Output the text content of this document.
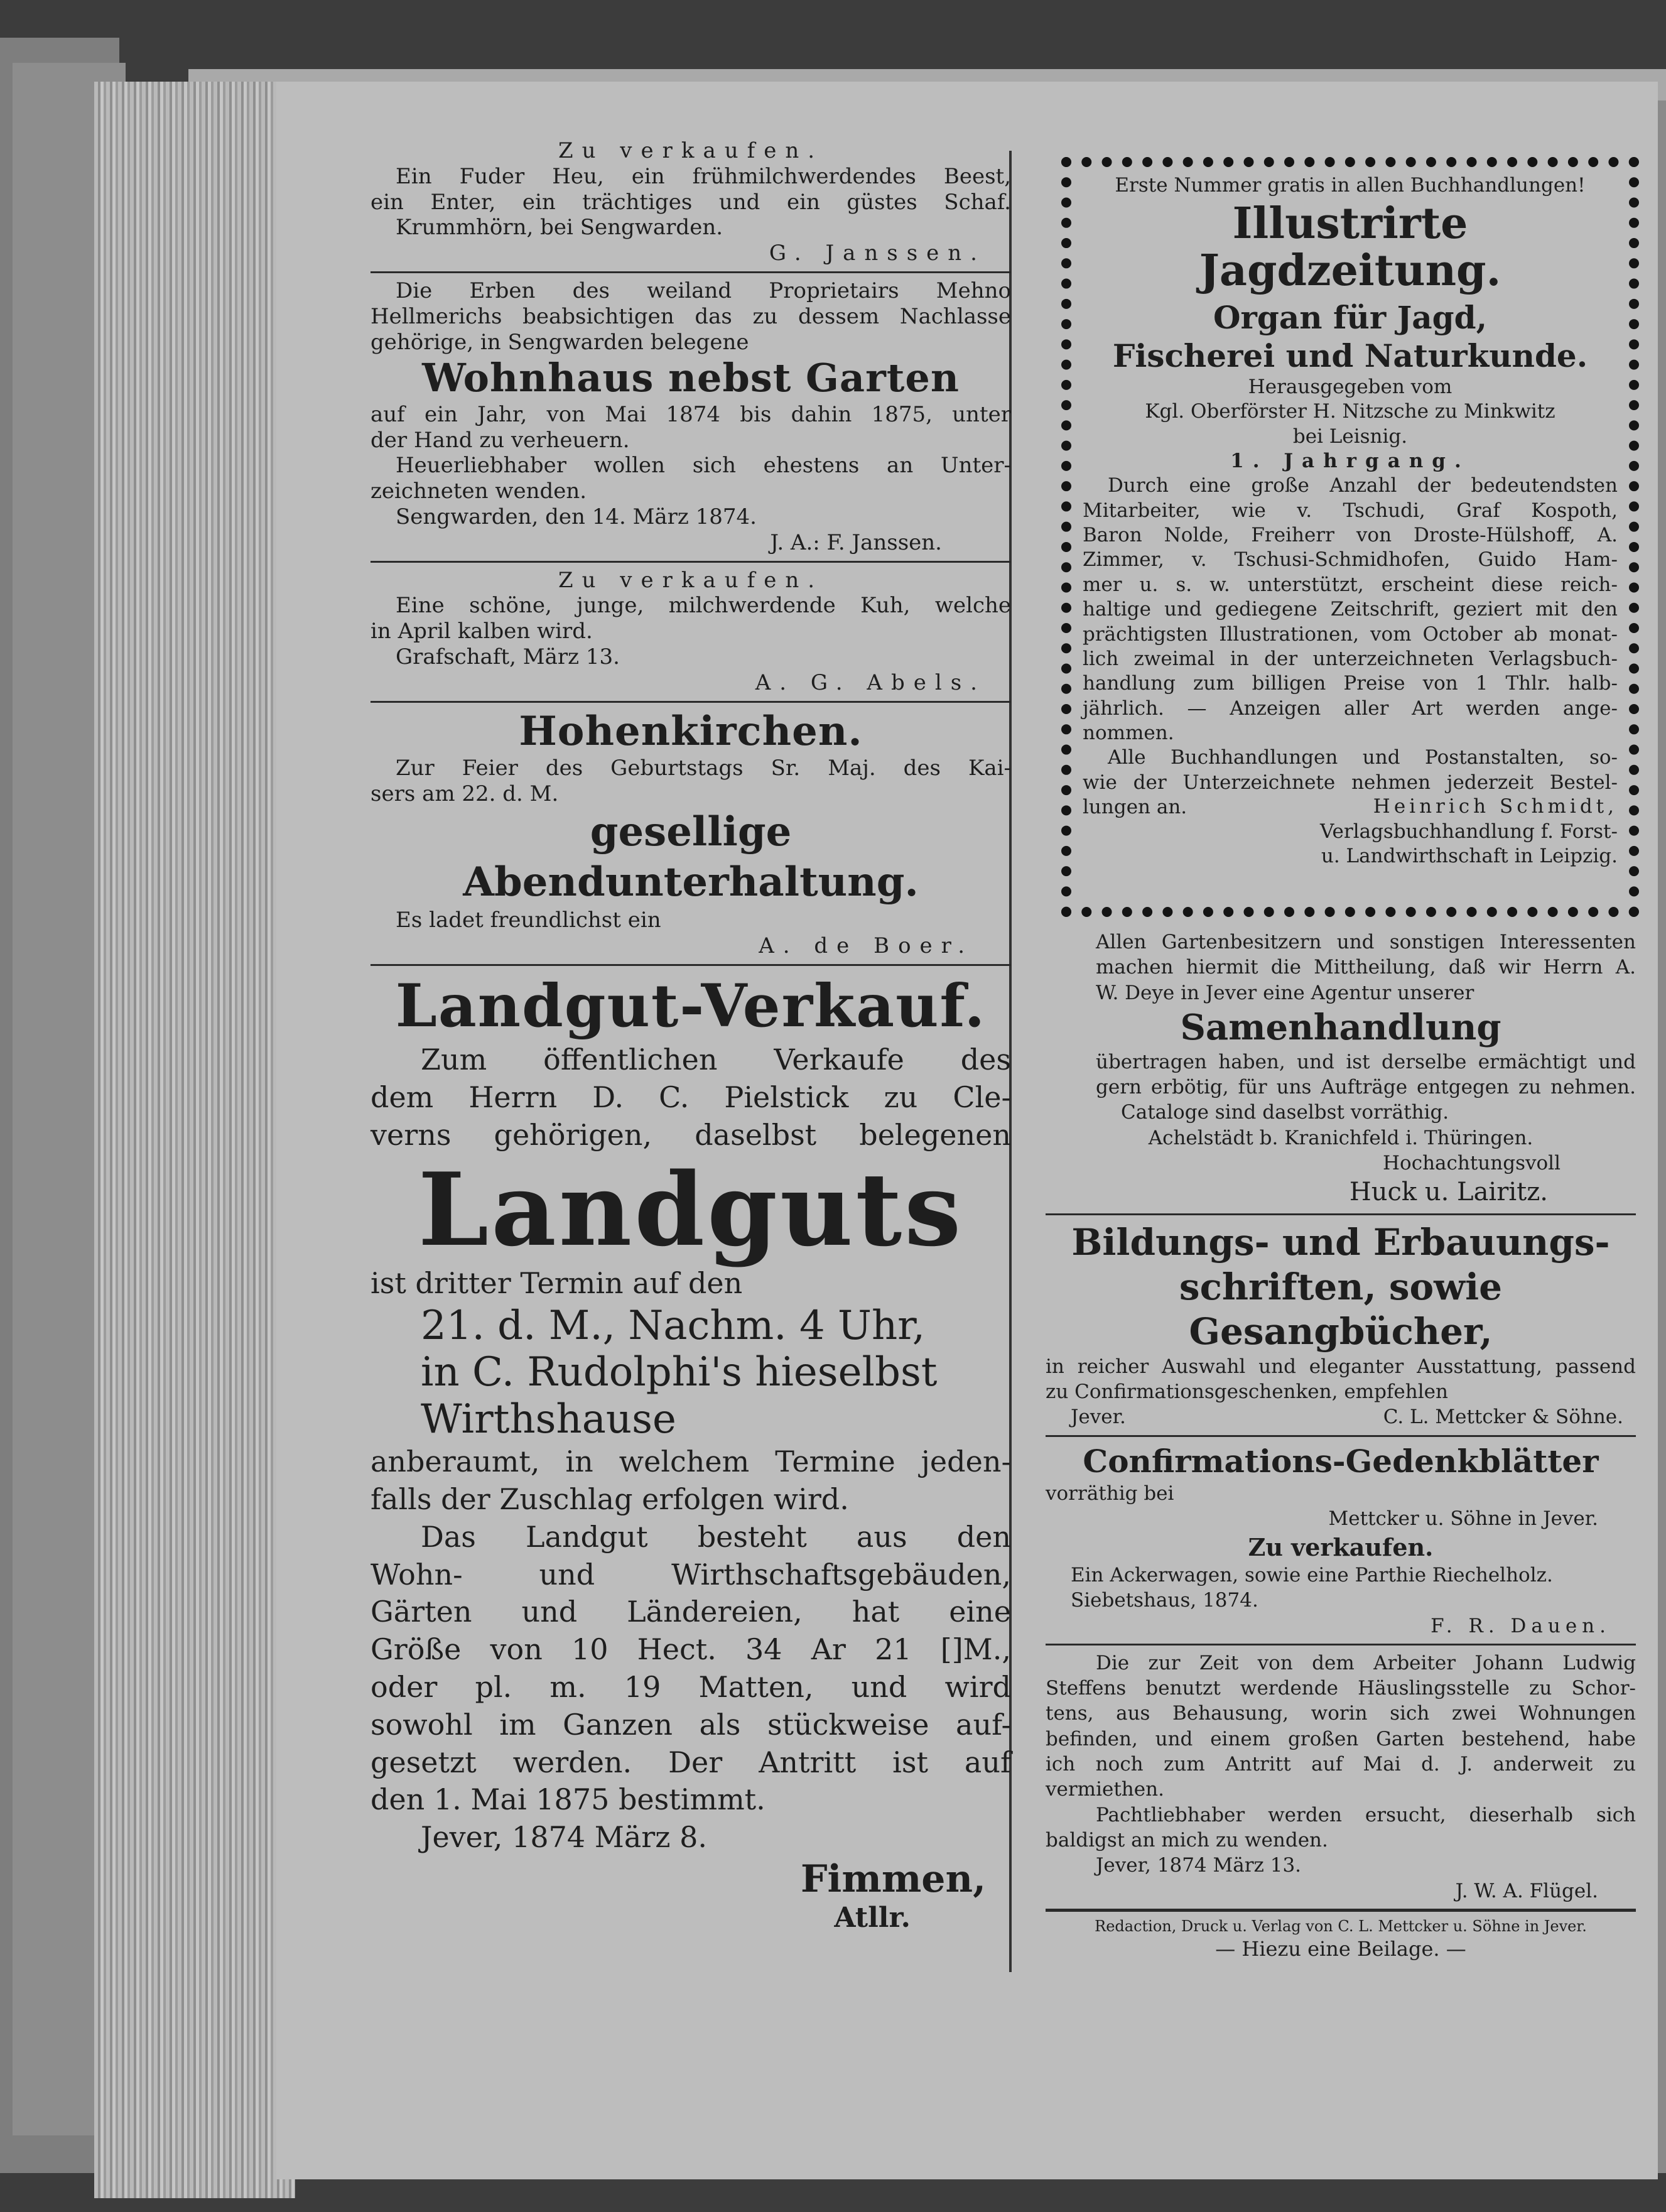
Zu verkaufen.

Ein Fuder Heu, ein frühmilchwerdendes Beest,

ein Enter, ein trächtiges und ein güstes Schaf.

Krummhörn, bei Sengwarden.

G. Janssen.

Die Erben des weiland Proprietairs Mehno

Hellmerichs beabsichtigen das zu dessem Nachlasse

gehörige, in Sengwarden belegene

Wohnhaus nebst Garten

auf ein Jahr, von Mai 1874 bis dahin 1875, unter

der Hand zu verheuern.

Heuerliebhaber wollen sich ehestens an Unter-

zeichneten wenden.

Sengwarden, den 14. März 1874.

J. A.: F. Janssen.

Zu verkaufen.

Eine schöne, junge, milchwerdende Kuh, welche

in April kalben wird.

Grafschaft, März 13.

A. G. Abels.

Hohenkirchen.

Zur Feier des Geburtstags Sr. Maj. des Kai-

sers am 22. d. M.

gesellige Abendunterhaltung.

Es ladet freundlichst ein

A. de Boer.

Landgut-Verkauf.

Zum öffentlichen Verkaufe des

dem Herrn D. C. Pielstick zu Cle-

verns gehörigen, daselbst belegenen

Landguts

ist dritter Termin auf den

21. d. M., Nachm. 4 Uhr,

in C. Rudolphi's hieselbst

Wirthshause

anberaumt, in welchem Termine jeden-

falls der Zuschlag erfolgen wird.

Das Landgut besteht aus den

Wohn- und Wirthschaftsgebäuden,

Gärten und Ländereien, hat eine

Größe von 10 Hect. 34 Ar 21 []M.,

oder pl. m. 19 Matten, und wird

sowohl im Ganzen als stückweise auf-

gesetzt werden. Der Antritt ist auf

den 1. Mai 1875 bestimmt.

Jever, 1874 März 8.

Fimmen,

Atllr.

Erste Nummer gratis in allen Buchhandlungen!

Illustrirte Jagdzeitung.

Organ für Jagd,

Fischerei und Naturkunde.

Herausgegeben vom

Kgl. Oberförster H. Nitzsche zu Minkwitz

bei Leisnig.

1. Jahrgang.

Durch eine große Anzahl der bedeutendsten

Mitarbeiter, wie v. Tschudi, Graf Kospoth,

Baron Nolde, Freiherr von Droste-Hülshoff, A.

Zimmer, v. Tschusi-Schmidhofen, Guido Ham-

mer u. s. w. unterstützt, erscheint diese reich-

haltige und gediegene Zeitschrift, geziert mit den

prächtigsten Illustrationen, vom October ab monat-

lich zweimal in der unterzeichneten Verlagsbuch-

handlung zum billigen Preise von 1 Thlr. halb-

jährlich. — Anzeigen aller Art werden ange-

nommen.

Alle Buchhandlungen und Postanstalten, so-

wie der Unterzeichnete nehmen jederzeit Bestel-

lungen an.	Heinrich Schmidt,

Verlagsbuchhandlung f. Forst-

u. Landwirthschaft in Leipzig.

Allen Gartenbesitzern und sonstigen Interessenten

machen hiermit die Mittheilung, daß wir Herrn A.

W. Deye in Jever eine Agentur unserer

Samenhandlung

übertragen haben, und ist derselbe ermächtigt und

gern erbötig, für uns Aufträge entgegen zu nehmen.

Cataloge sind daselbst vorräthig.

Achelstädt b. Kranichfeld i. Thüringen.

Hochachtungsvoll

Huck u. Lairitz.

Bildungs- und Erbauungs-

schriften, sowie Gesangbücher,

in reicher Auswahl und eleganter Ausstattung, passend

zu Confirmationsgeschenken, empfehlen

Jever.	C. L. Mettcker & Söhne.

Confirmations-Gedenkblätter

vorräthig bei

Mettcker u. Söhne in Jever.

Zu verkaufen.

Ein Ackerwagen, sowie eine Parthie Riechelholz.

Siebetshaus, 1874.

F. R. Dauen.

Die zur Zeit von dem Arbeiter Johann Ludwig

Steffens benutzt werdende Häuslingsstelle zu Schor-

tens, aus Behausung, worin sich zwei Wohnungen

befinden, und einem großen Garten bestehend, habe

ich noch zum Antritt auf Mai d. J. anderweit zu

vermiethen.

Pachtliebhaber werden ersucht, dieserhalb sich

baldigst an mich zu wenden.

Jever, 1874 März 13.

J. W. A. Flügel.

Redaction, Druck u. Verlag von C. L. Mettcker u. Söhne in Jever.

— Hiezu eine Beilage. —
